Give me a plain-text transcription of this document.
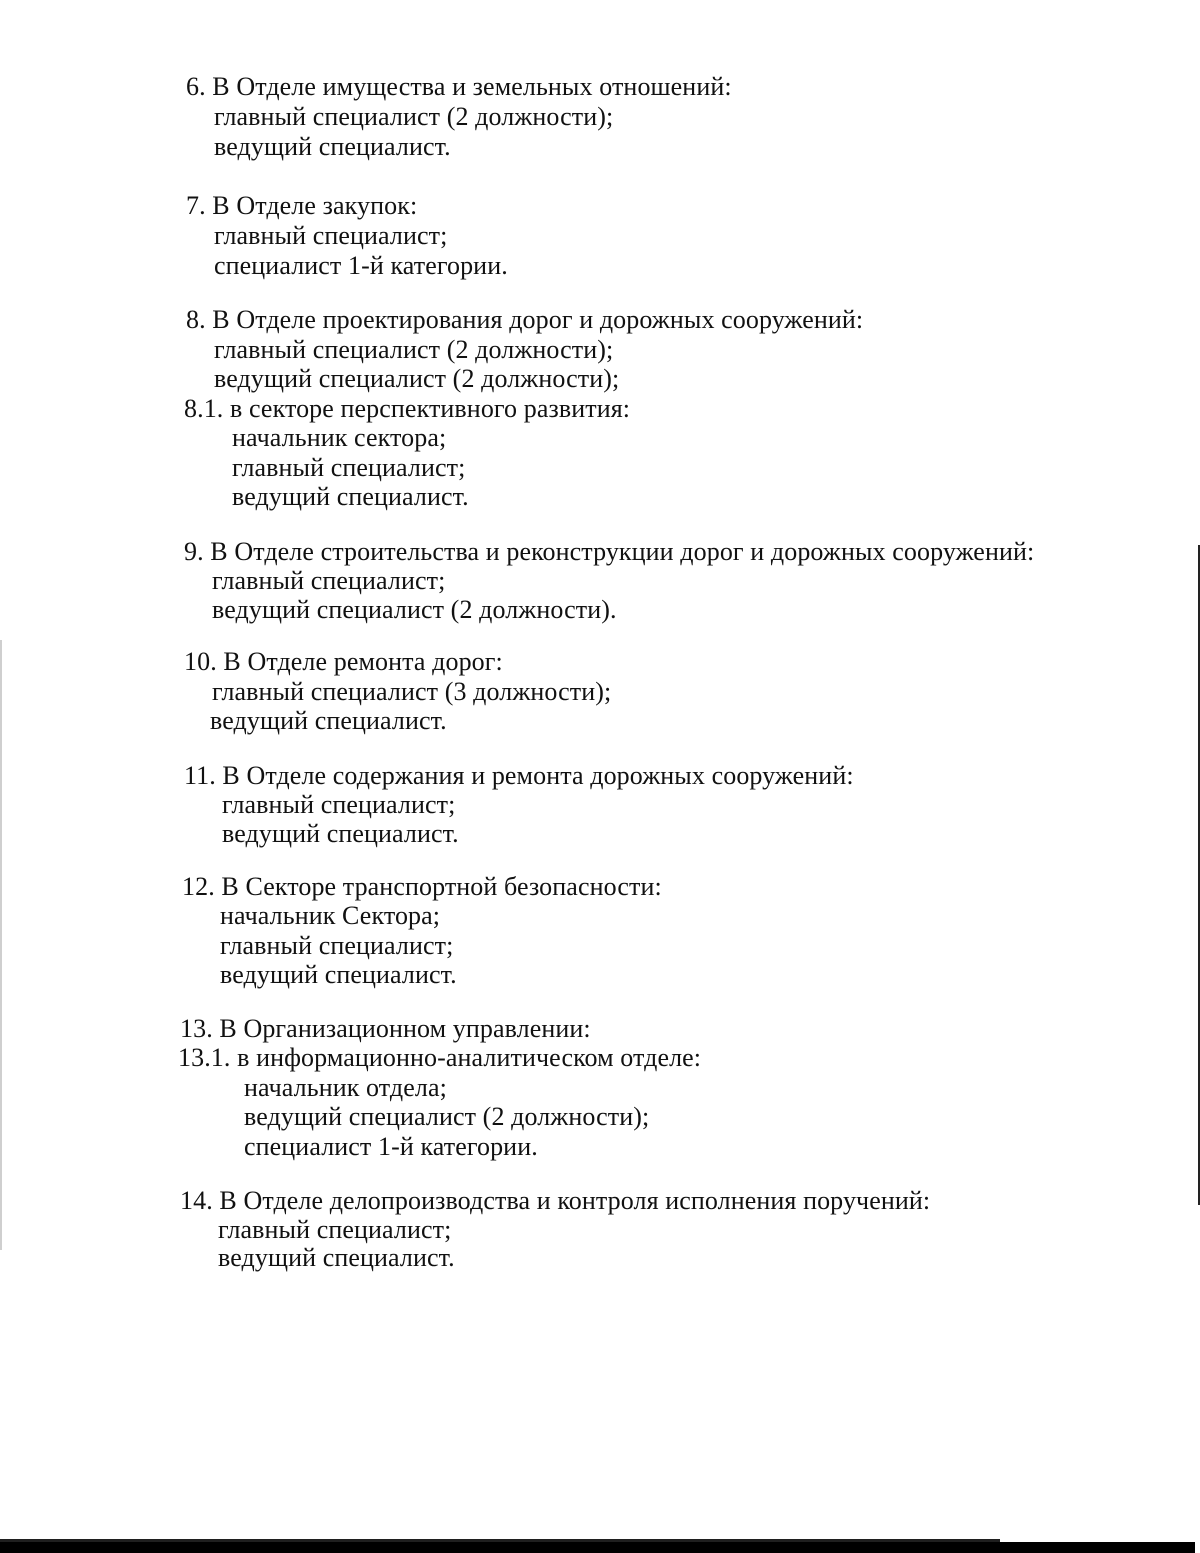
6. В Отделе имущества и земельных отношений:
главный специалист (2 должности);
ведущий специалист.
7. В Отделе закупок:
главный специалист;
специалист 1-й категории.
8. В Отделе проектирования дорог и дорожных сооружений:
главный специалист (2 должности);
ведущий специалист (2 должности);
8.1. в секторе перспективного развития:
начальник сектора;
главный специалист;
ведущий специалист.
9. В Отделе строительства и реконструкции дорог и дорожных сооружений:
главный специалист;
ведущий специалист (2 должности).
10. В Отделе ремонта дорог:
главный специалист (3 должности);
ведущий специалист.
11. В Отделе содержания и ремонта дорожных сооружений:
главный специалист;
ведущий специалист.
12. В Секторе транспортной безопасности:
начальник Сектора;
главный специалист;
ведущий специалист.
13. В Организационном управлении:
13.1. в информационно-аналитическом отделе:
начальник отдела;
ведущий специалист (2 должности);
специалист 1-й категории.
14. В Отделе делопроизводства и контроля исполнения поручений:
главный специалист;
ведущий специалист.
